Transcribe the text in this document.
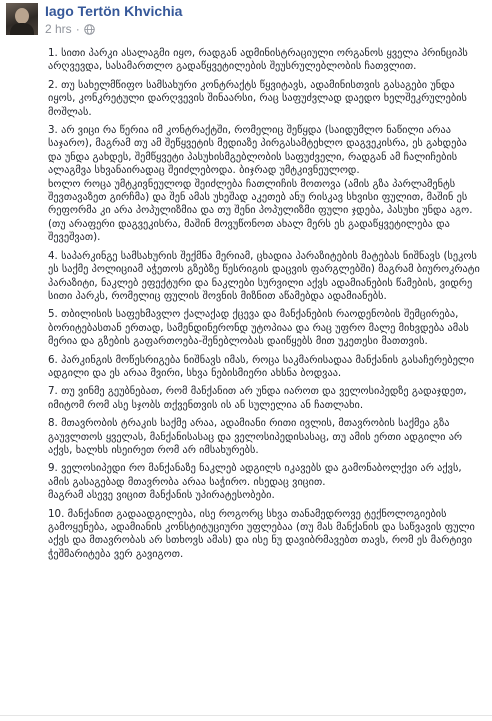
Iago Tertön Khvichia
2 hrs ·

1. სითი პარკი ასალაგმი იყო, რადგან ადმინისტრაციული ორგანოს ყველა პრინციპს არღვევდა, სასამართლო გადაწყვეტილების შეუსრულებლობის ჩათვლით.

2. თუ სახელმწიფო სამსახური კონტრაქტს წყვიტავს, ადამინისთვის გასაგები უნდა იყოს, კონკრეტული დარღვევის შინაარსი, რაც საფუძვლად დაედო ხელშეკრულების მოშლას.

3. არ ვიცი რა წერია იმ კონტრაქტში, რომელიც შეწყდა (საიდუმლო ნაწილი არაა საჯარო), მაგრამ თუ ამ შეწყვეტის მედიაზე პირგასამტეხლო დაგვეკისრა, ეს გახდება და უნდა გახდეს, შემწყვეტი პასუხისმგებლობის საფუძველი, რადგან ამ ჩალიჩების ალაგმვა სხვანაირადაც შეიძლებოდა. ბიჯრად უმტკივნეულოდ.
ხოლო როცა უმტკივნეულოდ შეიძლება ჩათლიჩის მოთოვა (ამის გზა პარლამენტს შევთავაზეთ გირჩმა) და შენ ამას უხეშად აკეთებ ანუ რისკავ სხვისი ფულით, მაშინ ეს რეფორმა კი არა პოპულიზმია და თუ შენი პოპულიზმი ფული ჯდება, პასუხი უნდა აგო.
(თუ არაფერი დაგვეკისრა, მაშინ მოვუწონოთ ახალ მერს ეს გადაწყვეტილება და შევეშვათ).

4. საპარკინგე სამსახურის შექმნა მერიამ, ცხადია პარაზიტების მატებას ნიშნავს (სეკოს ეს საქმე პოლიციამ აჭეთოს გზებზე წესრიგის დაცვის ფარგლებში) მაგრამ ბიუროკრატი პარაზიტი, ნაკლებ ეფექტური და ნაკლები სურვილი აქვს ადამიანების წამების, ვიდრე სითი პარკს, რომელიც ფულის შოვნის მიზნით აწამებდა ადამიანებს.

5. თბილისის საფეხმავლო ქალაქად ქცევა და მანქანების რაოდენობის შემცირება, ბორიტებასთან ერთად, სამენდინერონდ უტოპიაა და რაც უფრო მალე მიხვდება ამას მერია და გზების გაფართოება-შენებლობას დაიწყებს მით უკეთესი მათთვის.

6. პარკინგის მოწესრიგება ნიშნავს იმას, როცა საკმარისადაა მანქანის გასაჩერებელი ადგილი და ეს არაა მვირი, სხვა ნებისმიერი ახსნა ბოდვაა.

7. თუ ვინმე გეუბნებათ, რომ მანქანით არ უნდა იაროთ და ველოსიპედზე გადაჯდეთ, იმიტომ რომ ასე სჯობს თქვენთვის ის ან სულელია ან ჩათლახი.

8. მთავრობის ტრაკის საქმე არაა, ადამიანი რითი ივლის, მთავრობის საქმეა გზა გაუვლთოს ყველას, მანქანისასაც და ველოსიპედისასაც, თუ ამის ერთი ადგილი არ აქვს, ხალხს ისეირეთ რომ არ იმსახურებს.

9. ველოსიპედი რო მანქანაზე ნაკლებ ადგილს იკავებს და გამონაბოლქვი არ აქვს, ამის გასაგებად მთავრობა არაა საჭირო. ისედაც ვიცით.
მაგრამ ასევე ვიცით მანქანის უპირატესობები.

10. მანქანით გადაადგილება, ისე როგორც სხვა თანამედროვე ტექნოლოგიების გამოყენება, ადამიანის კონსტიტუციური უფლებაა (თუ მას მანქანის და საწვავის ფული აქვს და მთავრობას არ სთხოვს ამას) და ისე ნუ დავიბრმავებთ თავს, რომ ეს მარტივი ჭეშმარიტება ვერ გავიგოთ.
